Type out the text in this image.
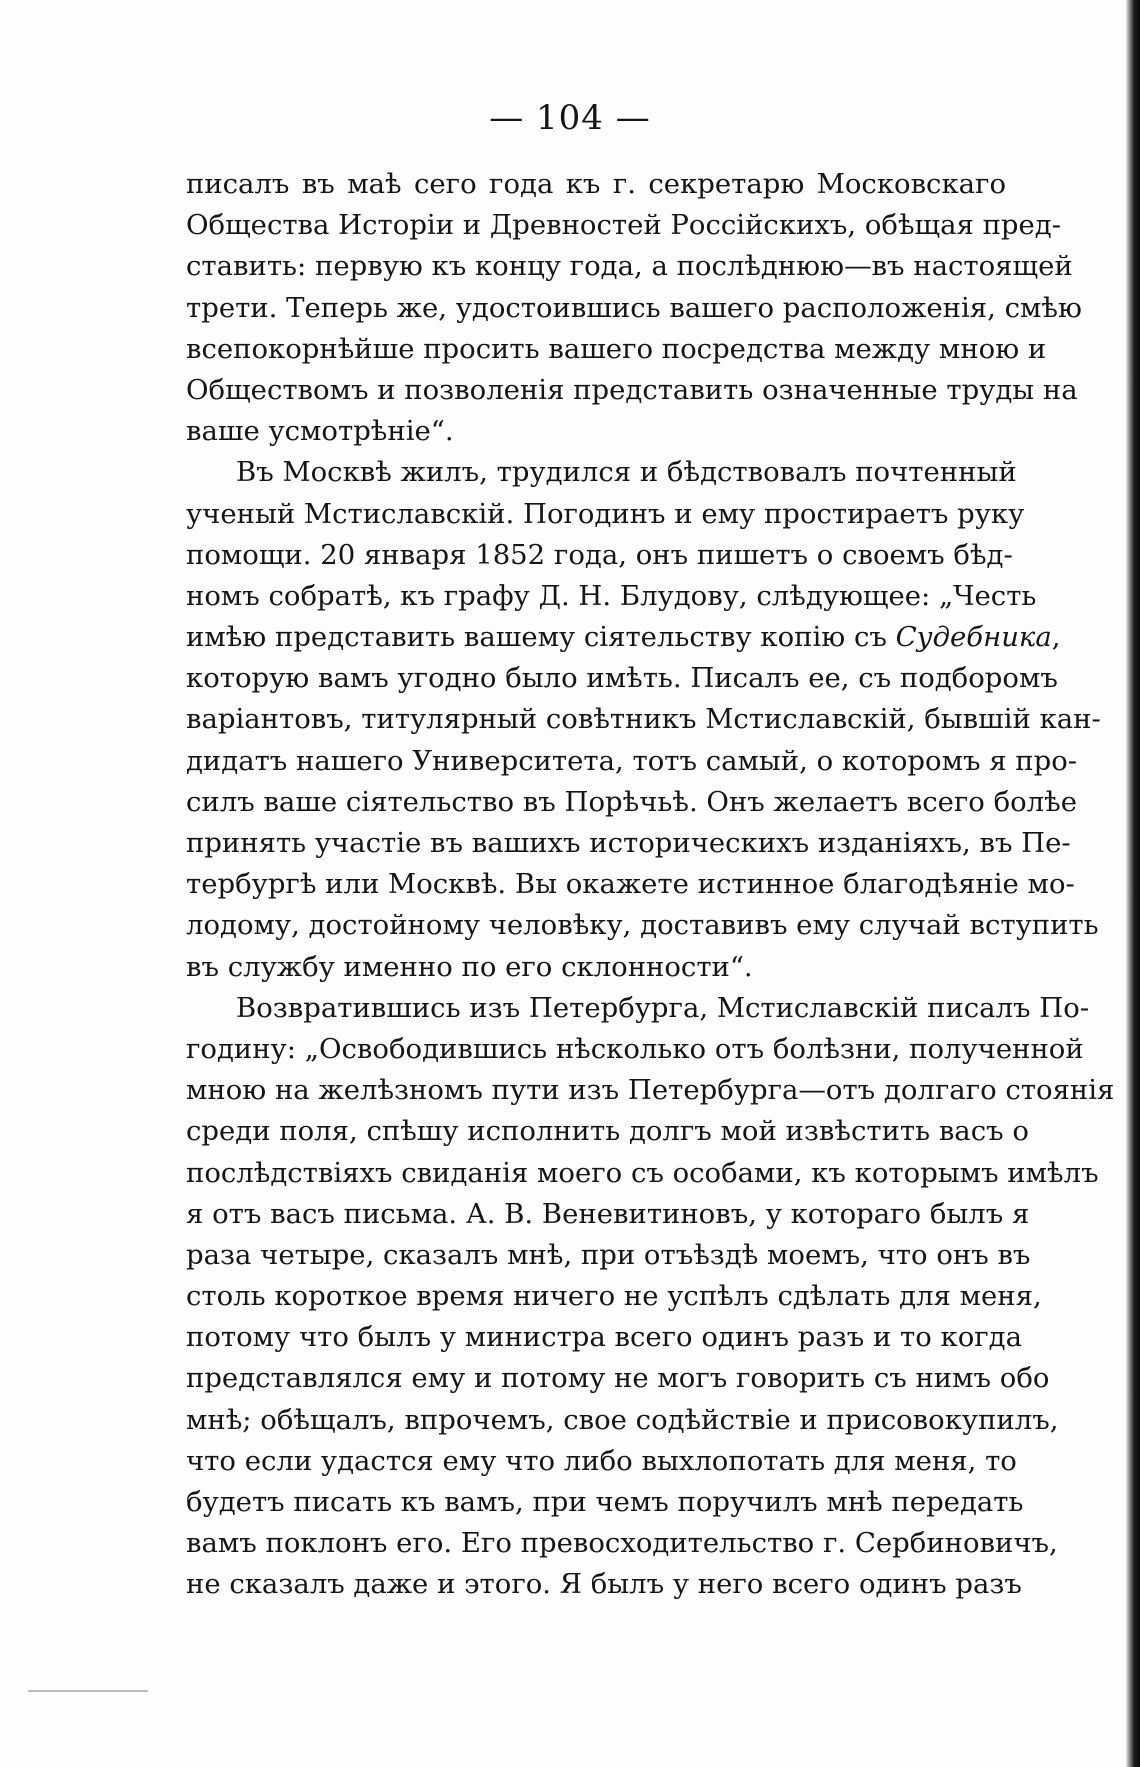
— 104 —
писалъ въ маѣ сего года къ г. секретарю Московскаго
Общества Исторіи и Древностей Россійскихъ, обѣщая пред-
ставить: первую къ концу года, а послѣднюю—въ настоящей
трети. Теперь же, удостоившись вашего расположенія, смѣю
всепокорнѣйше просить вашего посредства между мною и
Обществомъ и позволенія представить означенные труды на
ваше усмотрѣніе“.
Въ Москвѣ жилъ, трудился и бѣдствовалъ почтенный
ученый Мстиславскій. Погодинъ и ему простираетъ руку
помощи. 20 января 1852 года, онъ пишетъ о своемъ бѣд-
номъ собратѣ, къ графу Д. Н. Блудову, слѣдующее: „Честь
имѣю представить вашему сіятельству копію съ Судебника,
которую вамъ угодно было имѣть. Писалъ ее, съ подборомъ
варіантовъ, титулярный совѣтникъ Мстиславскій, бывшій кан-
дидатъ нашего Университета, тотъ самый, о которомъ я про-
силъ ваше сіятельство въ Порѣчьѣ. Онъ желаетъ всего болѣе
принять участіе въ вашихъ историческихъ изданіяхъ, въ Пе-
тербургѣ или Москвѣ. Вы окажете истинное благодѣяніе мо-
лодому, достойному человѣку, доставивъ ему случай вступить
въ службу именно по его склонности“.
Возвратившись изъ Петербурга, Мстиславскій писалъ По-
годину: „Освободившись нѣсколько отъ болѣзни, полученной
мною на желѣзномъ пути изъ Петербурга—отъ долгаго стоянія
среди поля, спѣшу исполнить долгъ мой извѣстить васъ о
послѣдствіяхъ свиданія моего съ особами, къ которымъ имѣлъ
я отъ васъ письма. А. В. Веневитиновъ, у котораго былъ я
раза четыре, сказалъ мнѣ, при отъѣздѣ моемъ, что онъ въ
столь короткое время ничего не успѣлъ сдѣлать для меня,
потому что былъ у министра всего одинъ разъ и то когда
представлялся ему и потому не могъ говорить съ нимъ обо
мнѣ; обѣщалъ, впрочемъ, свое содѣйствіе и присовокупилъ,
что если удастся ему что либо выхлопотать для меня, то
будетъ писать къ вамъ, при чемъ поручилъ мнѣ передать
вамъ поклонъ его. Его превосходительство г. Сербиновичъ,
не сказалъ даже и этого. Я былъ у него всего одинъ разъ
